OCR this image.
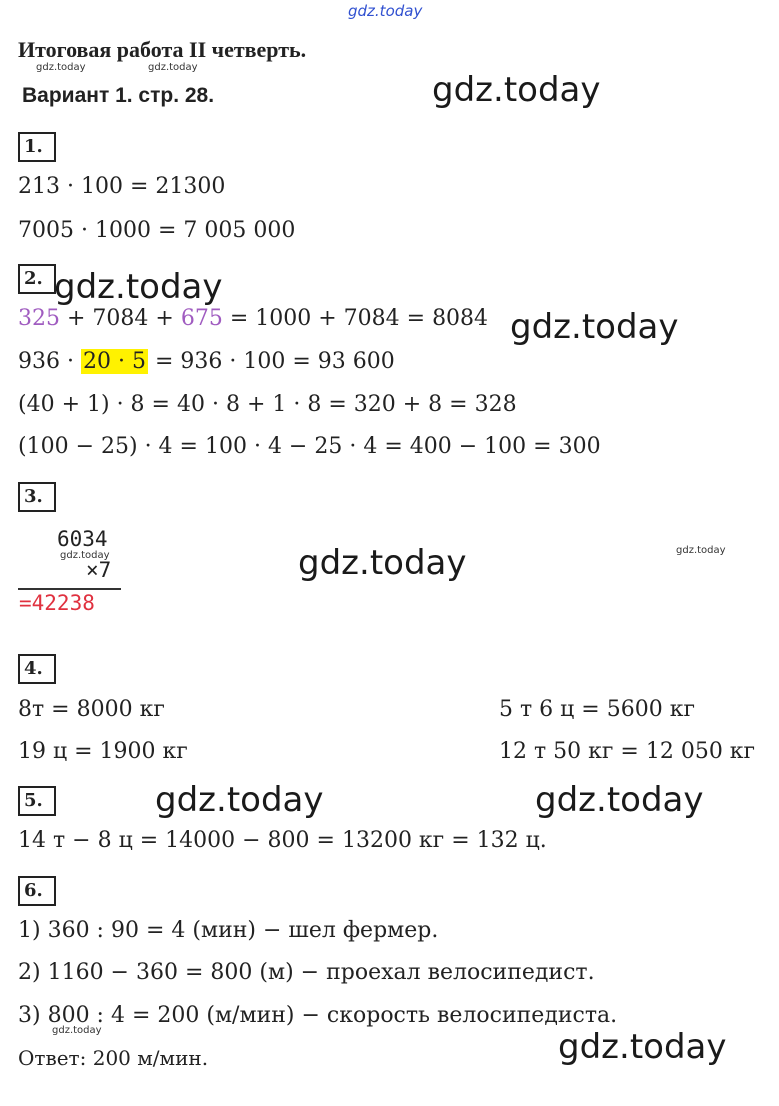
gdz.today
gdz.today	gdz.today
gdz.today
gdz.today
gdz.today
gdz.today	gdz.today	gdz.today
gdz.today	gdz.today
gdz.today	gdz.today
Итоговая работа II четверть.
Вариант 1. стр. 28.
1.
213 · 100 = 21300
7005 · 1000 = 7 005 000
2.
325 + 7084 + 675 = 1000 + 7084 = 8084
936 · 20 · 5 = 936 · 100 = 93 600
(40 + 1) · 8 = 40 · 8 + 1 · 8 = 320 + 8 = 328
(100 − 25) · 4 = 100 · 4 − 25 · 4 = 400 − 100 = 300
3.
6034
×7
=42238
4.
8т = 8000 кг
19 ц = 1900 кг
5 т 6 ц = 5600 кг
12 т 50 кг = 12 050 кг
5.
14 т − 8 ц = 14000 − 800 = 13200 кг = 132 ц.
6.
1) 360 : 90 = 4 (мин) − шел фермер.
2) 1160 − 360 = 800 (м) − проехал велосипедист.
3) 800 : 4 = 200 (м/мин) − скорость велосипедиста.
Ответ: 200 м/мин.
